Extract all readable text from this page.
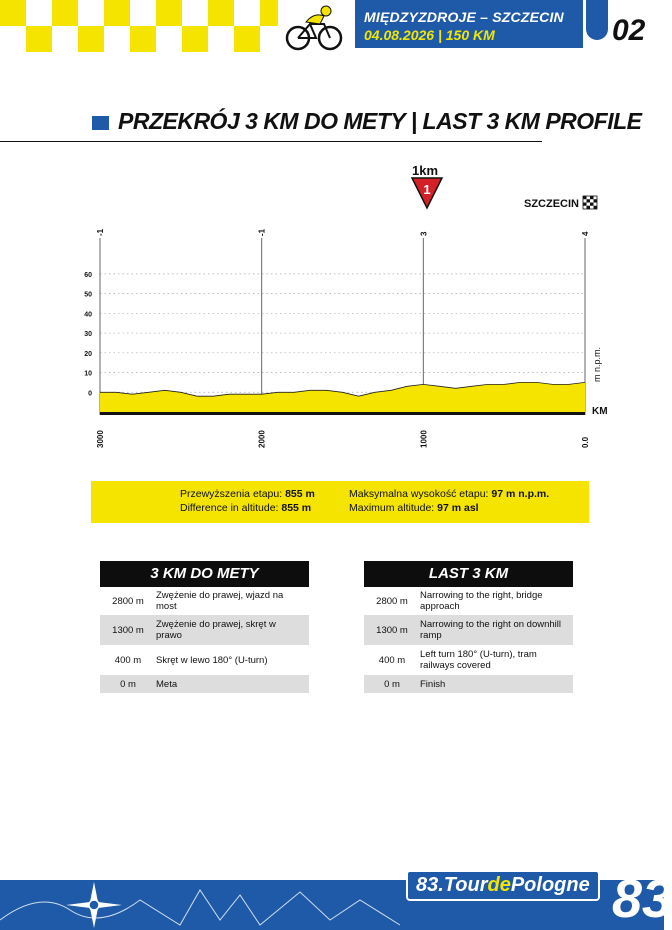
MIĘDZYZDROJE – SZCZECIN
04.08.2026 | 150 KM	02
PRZEKRÓJ 3 KM DO METY | LAST 3 KM PROFILE
60
50
40
30
20
10
0
-1	-1	3	4
3000	2000	1000	0.0
m n.p.m.
KM
1km
1
SZCZECIN
Przewyższenia etapu: 855 m
Difference in altitude: 855 m
Maksymalna wysokość etapu: 97 m n.p.m.
Maximum altitude: 97 m asl
3 KM DO METY
2800 m	Zwężenie do prawej, wjazd na most
1300 m	Zwężenie do prawej, skręt w prawo
400 m	Skręt w lewo 180° (U-turn)
0 m	Meta
LAST 3 KM
2800 m	Narrowing to the right, bridge approach
1300 m	Narrowing to the right on downhill ramp
400 m	Left turn 180° (U-turn), tram railways covered
0 m	Finish
83.TourdePologne 83
